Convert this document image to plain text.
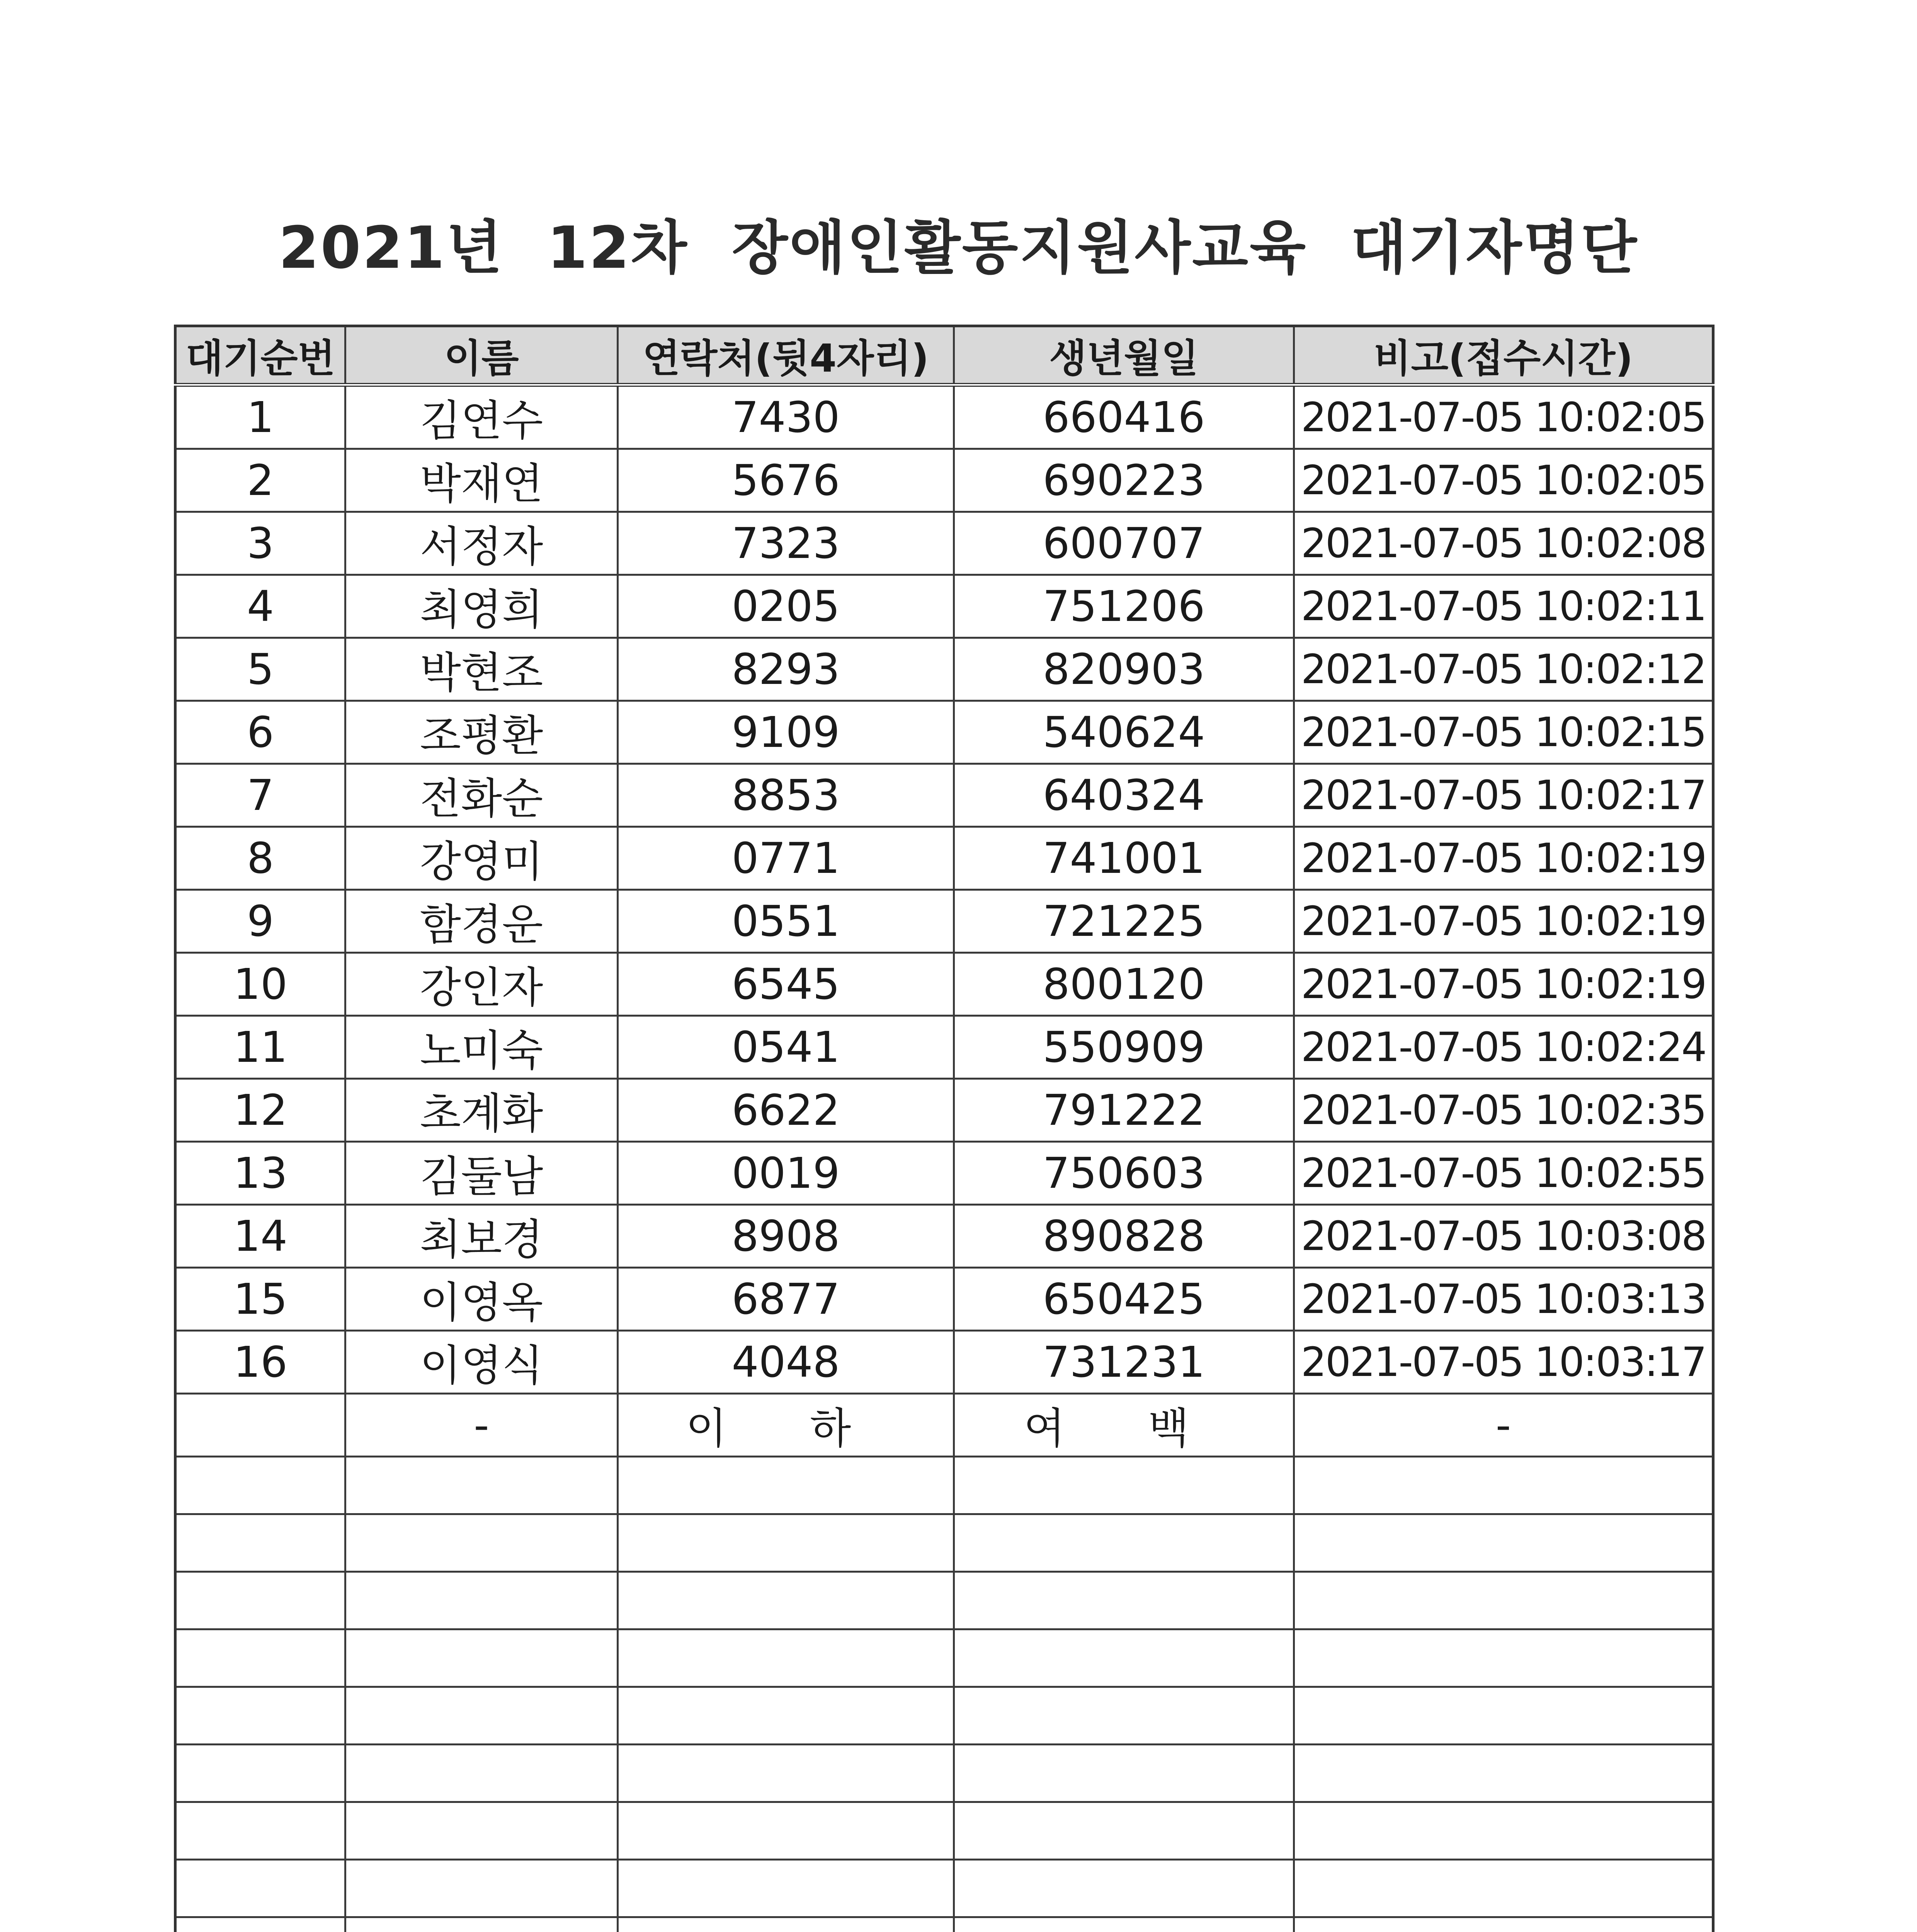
2021년  12차  장애인활동지원사교육  대기자명단
대기순번	이름	연락처(뒷4자리)	생년월일	비고(접수시간)
1	김연수	7430	660416	2021-07-05 10:02:05
2	박재연	5676	690223	2021-07-05 10:02:05
3	서정자	7323	600707	2021-07-05 10:02:08
4	최영희	0205	751206	2021-07-05 10:02:11
5	박현조	8293	820903	2021-07-05 10:02:12
6	조평환	9109	540624	2021-07-05 10:02:15
7	전화순	8853	640324	2021-07-05 10:02:17
8	강영미	0771	741001	2021-07-05 10:02:19
9	함경운	0551	721225	2021-07-05 10:02:19
10	강인자	6545	800120	2021-07-05 10:02:19
11	노미숙	0541	550909	2021-07-05 10:02:24
12	초계화	6622	791222	2021-07-05 10:02:35
13	김둘남	0019	750603	2021-07-05 10:02:55
14	최보경	8908	890828	2021-07-05 10:03:08
15	이영옥	6877	650425	2021-07-05 10:03:13
16	이영식	4048	731231	2021-07-05 10:03:17
	-	이 하	여 백	-
